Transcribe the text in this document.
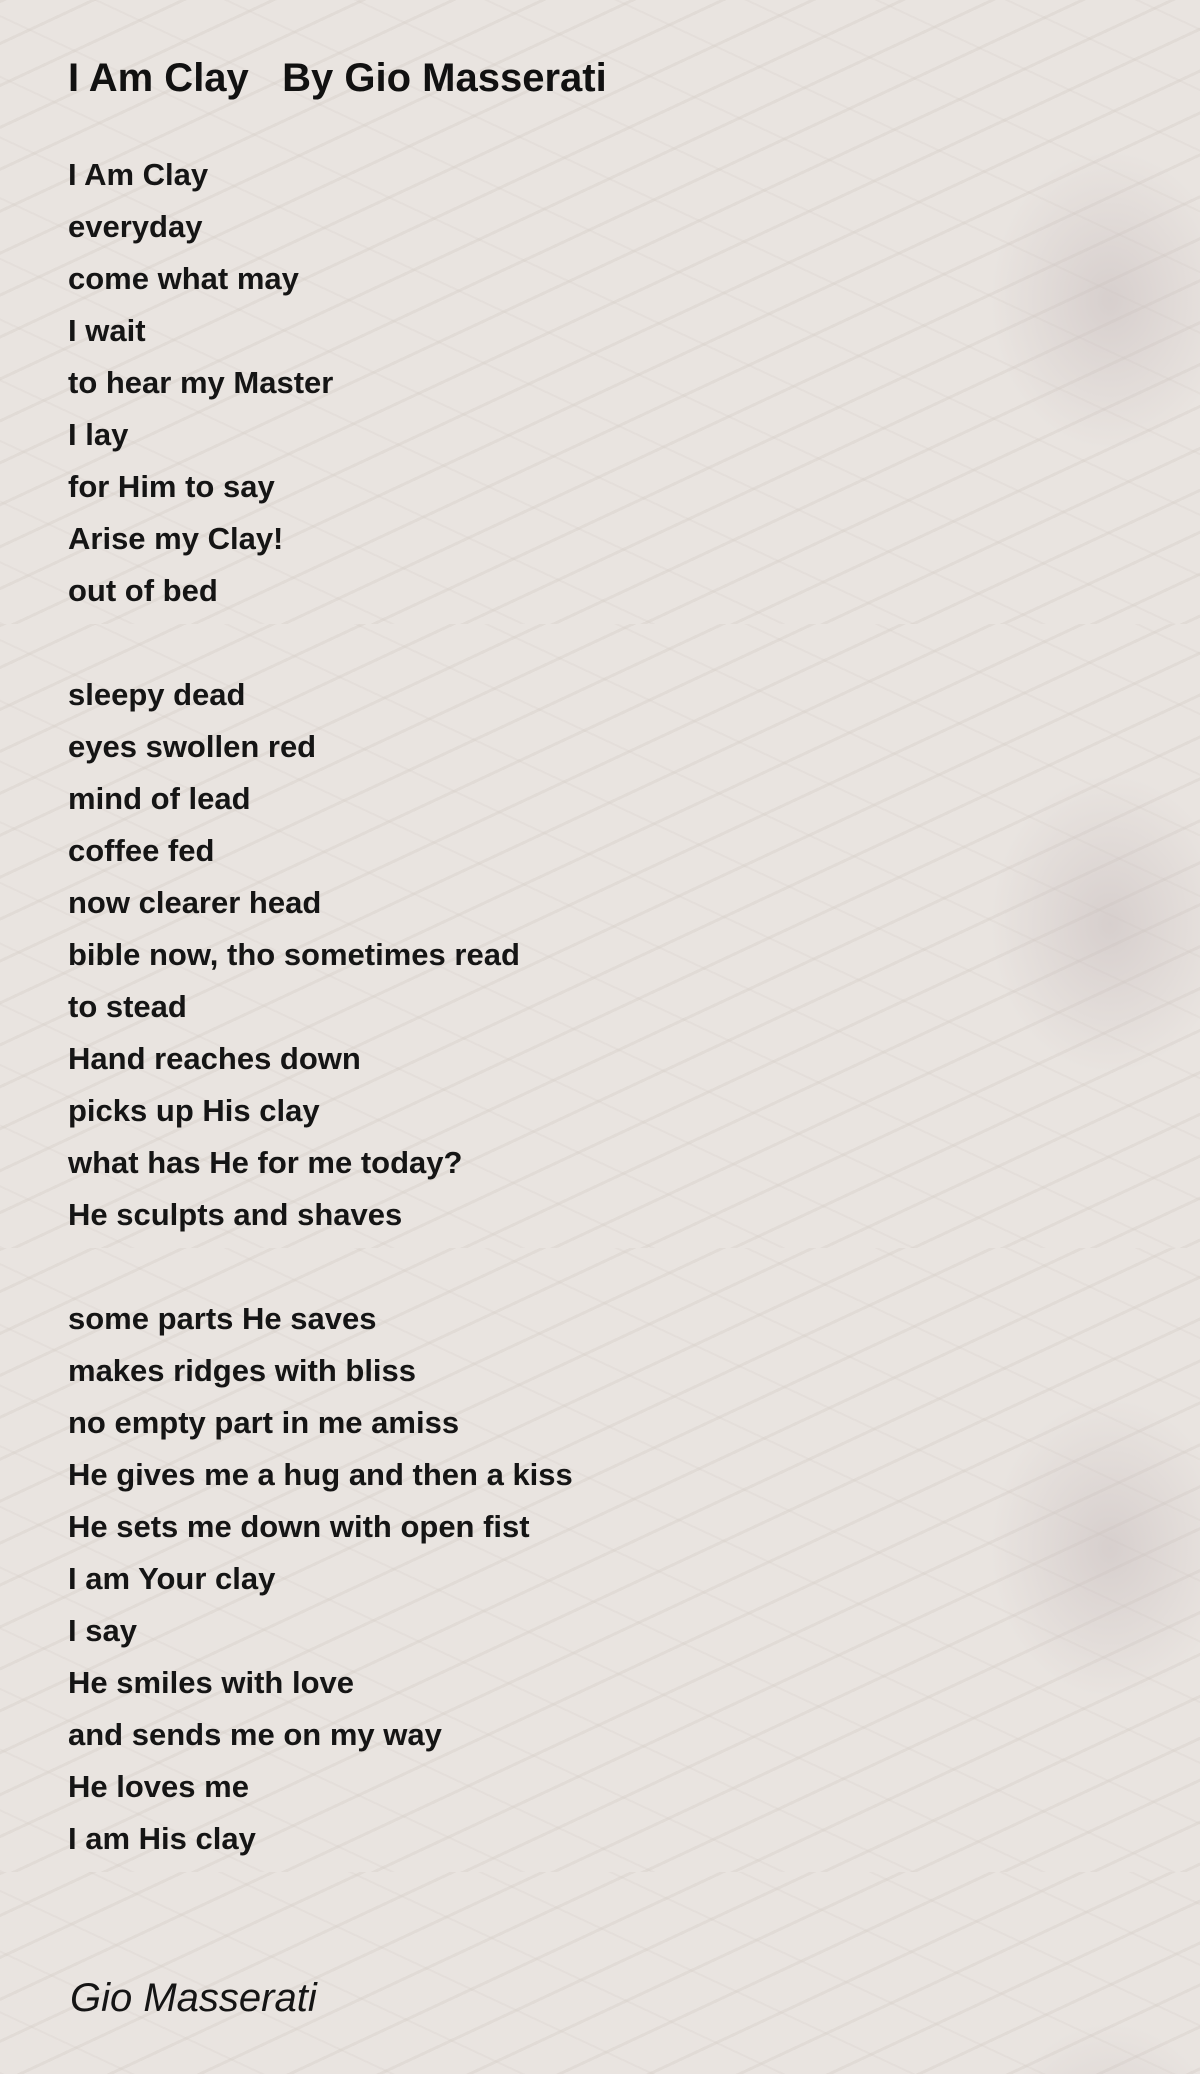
I Am Clay   By Gio Masserati
I Am Clay
everyday
come what may
I wait
to hear my Master
I lay
for Him to say
Arise my Clay!
out of bed
sleepy dead
eyes swollen red
mind of lead
coffee fed
now clearer head
bible now, tho sometimes read
to stead
Hand reaches down
picks up His clay
what has He for me today?
He sculpts and shaves
some parts He saves
makes ridges with bliss
no empty part in me amiss
He gives me a hug and then a kiss
He sets me down with open fist
I am Your clay
I say
He smiles with love
and sends me on my way
He loves me
I am His clay
Gio Masserati
